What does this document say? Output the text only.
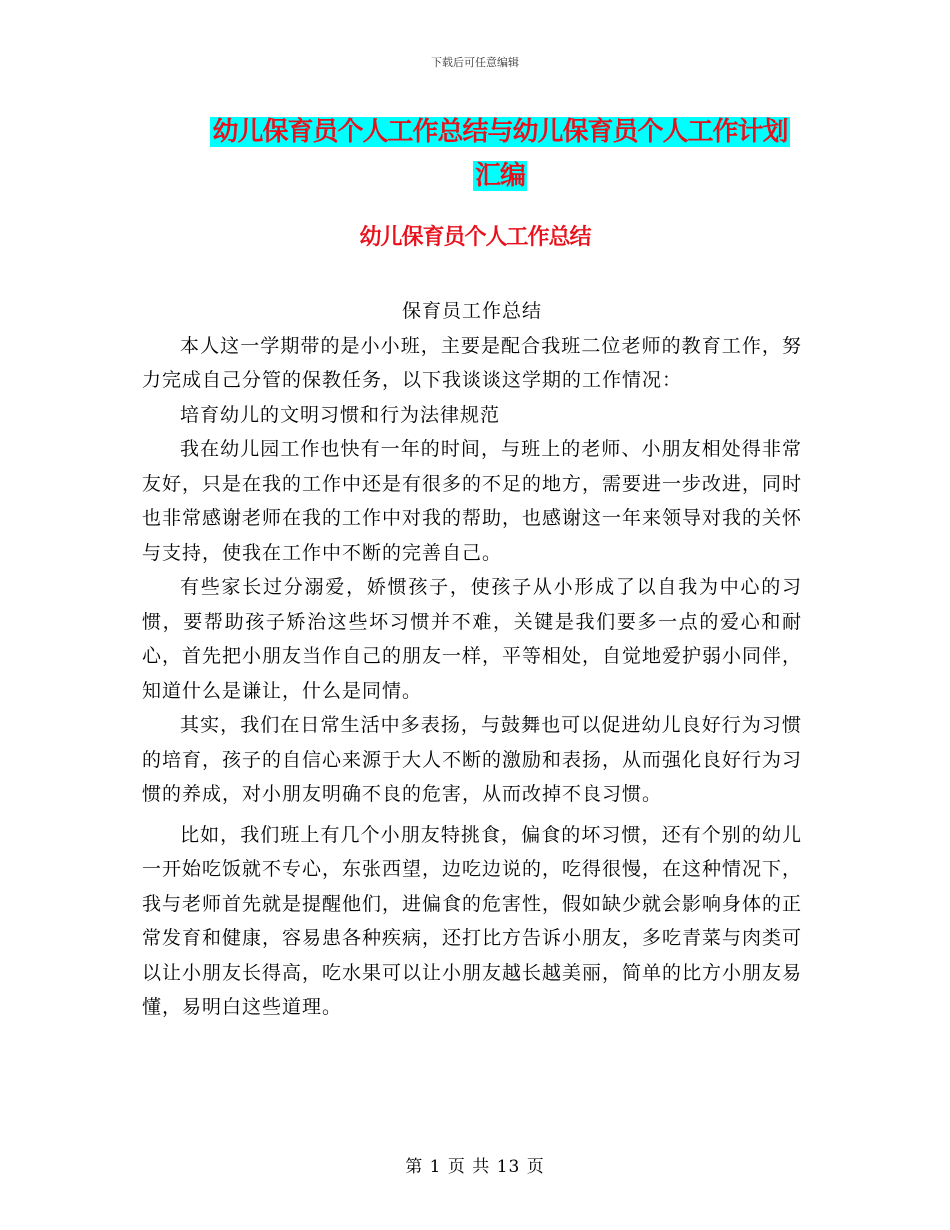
下载后可任意编辑
幼儿保育员个人工作总结与幼儿保育员个人工作计划
汇编
幼儿保育员个人工作总结

保育员工作总结

本人这一学期带的是小小班，主要是配合我班二位老师的教育工作，努力完成自己分管的保教任务，以下我谈谈这学期的工作情况：

培育幼儿的文明习惯和行为法律规范

我在幼儿园工作也快有一年的时间，与班上的老师、小朋友相处得非常友好，只是在我的工作中还是有很多的不足的地方，需要进一步改进，同时也非常感谢老师在我的工作中对我的帮助，也感谢这一年来领导对我的关怀与支持，使我在工作中不断的完善自己。

有些家长过分溺爱，娇惯孩子，使孩子从小形成了以自我为中心的习惯，要帮助孩子矫治这些坏习惯并不难，关键是我们要多一点的爱心和耐心，首先把小朋友当作自己的朋友一样，平等相处，自觉地爱护弱小同伴，知道什么是谦让，什么是同情。

其实，我们在日常生活中多表扬，与鼓舞也可以促进幼儿良好行为习惯的培育，孩子的自信心来源于大人不断的激励和表扬，从而强化良好行为习惯的养成，对小朋友明确不良的危害，从而改掉不良习惯。

比如，我们班上有几个小朋友特挑食，偏食的坏习惯，还有个别的幼儿一开始吃饭就不专心，东张西望，边吃边说的，吃得很慢，在这种情况下，我与老师首先就是提醒他们，进偏食的危害性，假如缺少就会影响身体的正常发育和健康，容易患各种疾病，还打比方告诉小朋友，多吃青菜与肉类可以让小朋友长得高，吃水果可以让小朋友越长越美丽，简单的比方小朋友易懂，易明白这些道理。

第 1 页 共 13 页
